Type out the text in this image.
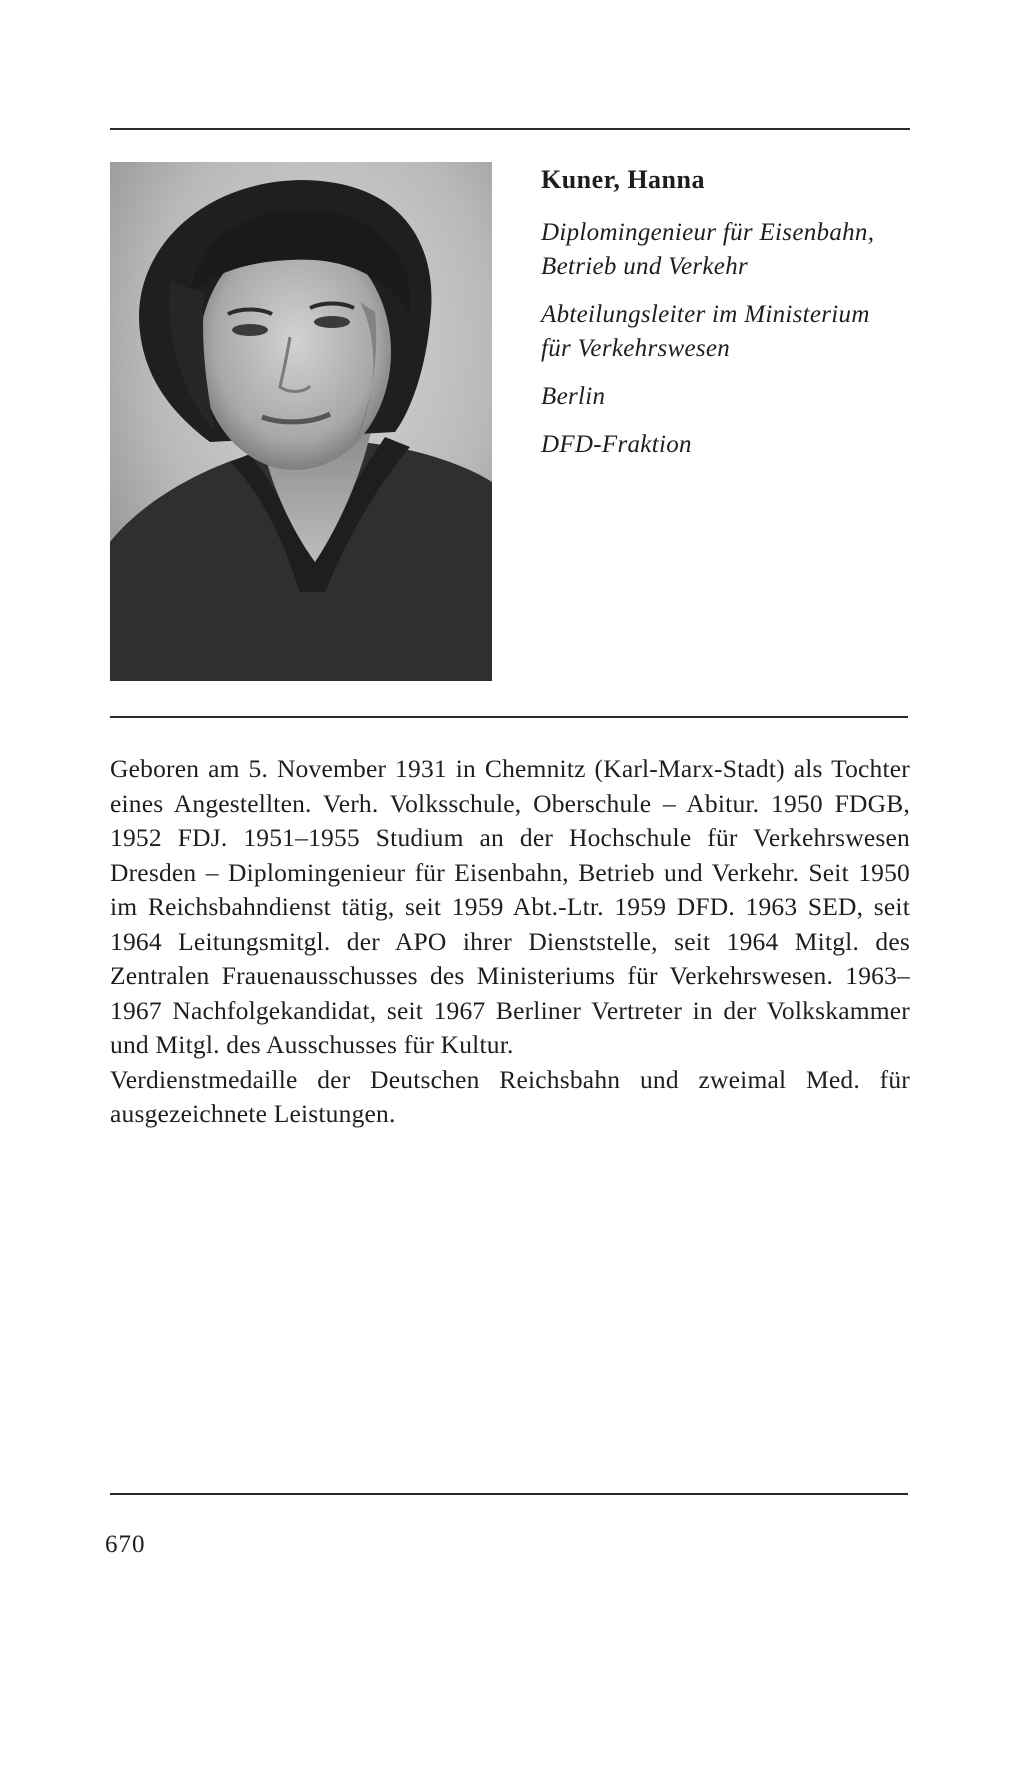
Kuner, Hanna
Diplomingenieur für Eisenbahn,
Betrieb und Verkehr
Abteilungsleiter im Ministerium
für Verkehrswesen
Berlin
DFD-Fraktion

Geboren am 5. November 1931 in Chemnitz (Karl-Marx-Stadt) als Tochter eines Angestellten. Verh. Volksschule, Oberschule – Abitur. 1950 FDGB, 1952 FDJ. 1951–1955 Studium an der Hochschule für Verkehrswesen Dresden – Diplomingenieur für Eisenbahn, Betrieb und Verkehr. Seit 1950 im Reichsbahndienst tätig, seit 1959 Abt.-Ltr. 1959 DFD. 1963 SED, seit 1964 Leitungsmitgl. der APO ihrer Dienststelle, seit 1964 Mitgl. des Zentralen Frauenausschusses des Ministeriums für Verkehrswesen. 1963–1967 Nachfolgekandidat, seit 1967 Berliner Vertreter in der Volkskammer und Mitgl. des Ausschusses für Kultur.

Verdienstmedaille der Deutschen Reichsbahn und zweimal Med. für ausgezeichnete Leistungen.

670
